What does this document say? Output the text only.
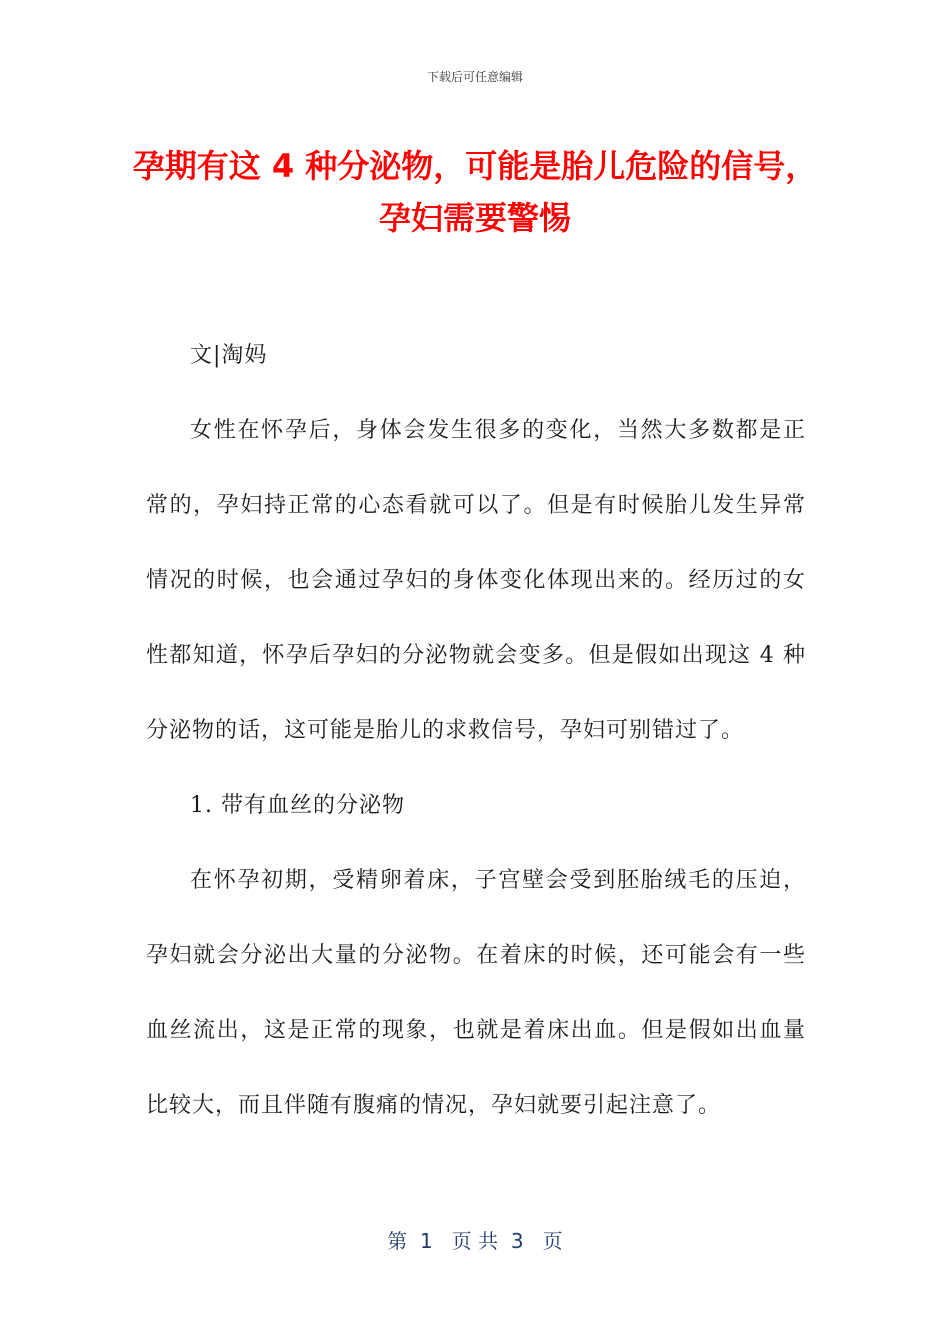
下载后可任意编辑
孕期有这 4 种分泌物，可能是胎儿危险的信号，孕妇需要警惕

文|淘妈

女性在怀孕后，身体会发生很多的变化，当然大多数都是正常的，孕妇持正常的心态看就可以了。但是有时候胎儿发生异常情况的时候，也会通过孕妇的身体变化体现出来的。经历过的女性都知道，怀孕后孕妇的分泌物就会变多。但是假如出现这 4 种分泌物的话，这可能是胎儿的求救信号，孕妇可别错过了。

1. 带有血丝的分泌物

在怀孕初期，受精卵着床，子宫壁会受到胚胎绒毛的压迫，孕妇就会分泌出大量的分泌物。在着床的时候，还可能会有一些血丝流出，这是正常的现象，也就是着床出血。但是假如出血量比较大，而且伴随有腹痛的情况，孕妇就要引起注意了。

第  1   页 共  3   页
